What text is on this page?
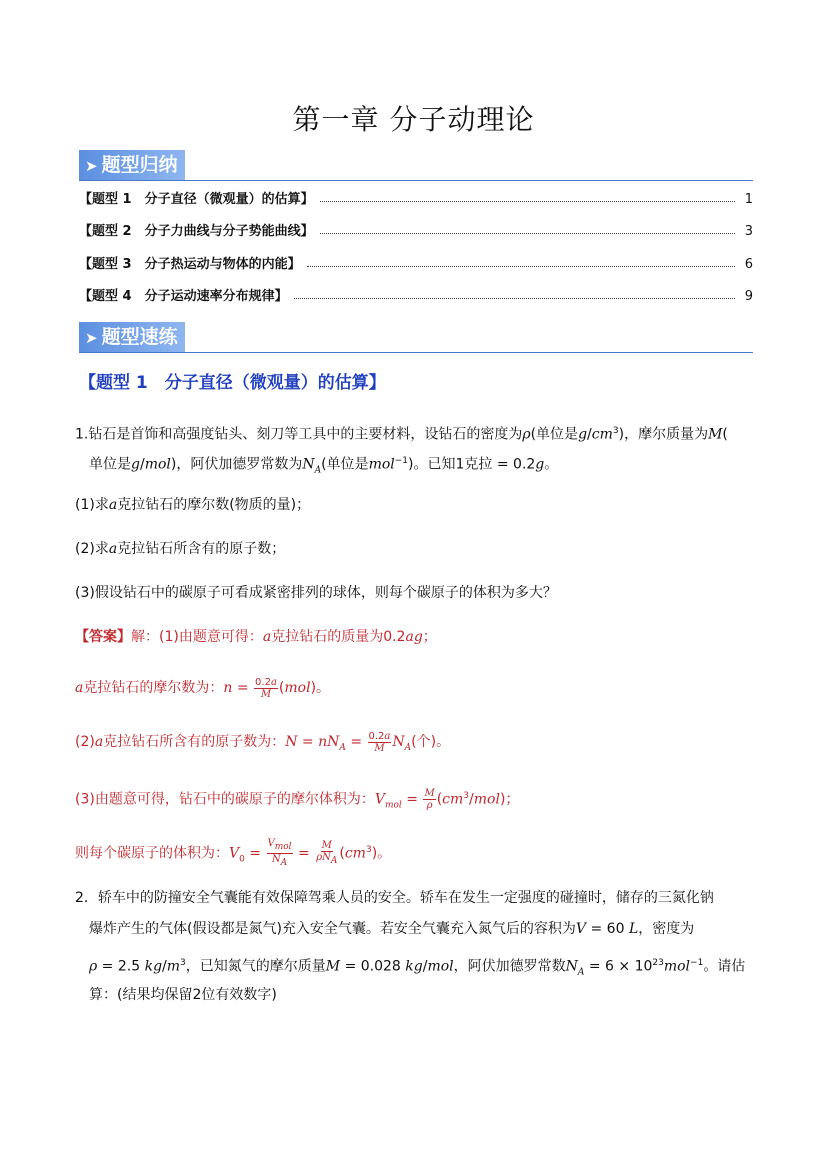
第一章 分子动理论
➤ 题型归纳
【题型 1　分子直径（微观量）的估算】	1
【题型 2　分子力曲线与分子势能曲线】	3
【题型 3　分子热运动与物体的内能】	6
【题型 4　分子运动速率分布规律】	9
➤ 题型速练
【题型 1　分子直径（微观量）的估算】
1.钻石是首饰和高强度钻头、刻刀等工具中的主要材料，设钻石的密度为ρ(单位是$g/cm^3$)，摩尔质量为M(
单位是g/mol)，阿伏加德罗常数为$N_A$(单位是mol$^{-1}$)。已知1克拉 = 0.2g。
(1)求a克拉钻石的摩尔数(物质的量)；
(2)求a克拉钻石所含有的原子数；
(3)假设钻石中的碳原子可看成紧密排列的球体，则每个碳原子的体积为多大？
【答案】解：(1)由题意可得：a克拉钻石的质量为0.2ag；
a克拉钻石的摩尔数为：$n = \frac{0.2a}{M} (mol)$。
(2)a克拉钻石所含有的原子数为：$N = nN_A = \frac{0.2a}{M} N_A$(个)。
(3)由题意可得，钻石中的碳原子的摩尔体积为：$V_{mol} = \frac{M}{\rho} (cm^3/mol)$；
则每个碳原子的体积为：$V_0 = \frac{V_{mol}}{N_A} = \frac{M}{\rho N_A} (cm^3)$。
2．轿车中的防撞安全气囊能有效保障驾乘人员的安全。轿车在发生一定强度的碰撞时，储存的三氮化钠
爆炸产生的气体(假设都是氮气)充入安全气囊。若安全气囊充入氮气后的容积为V = 60 L，密度为
ρ = 2.5 $kg/m^3$，已知氮气的摩尔质量M = 0.028 kg/mol，阿伏加德罗常数$N_A = 6 \times 10^{23}mol^{-1}$。请估
算：(结果均保留2位有效数字)
